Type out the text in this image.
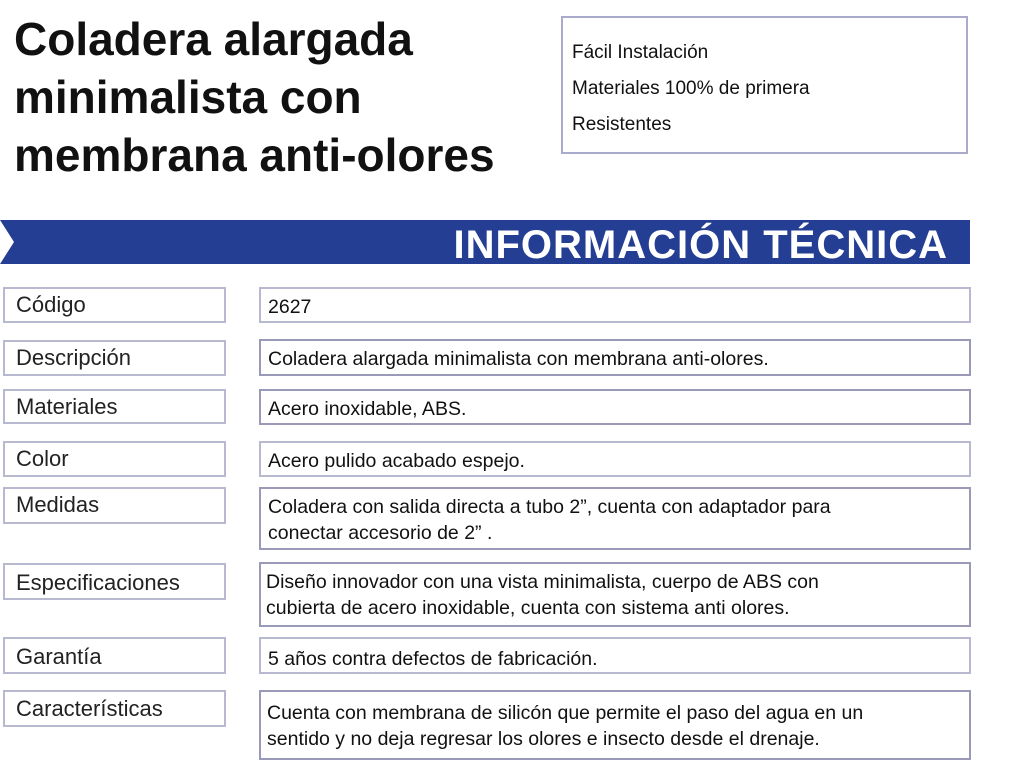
Coladera alargada
minimalista con
membrana anti-olores
Fácil Instalación
Materiales 100% de primera
Resistentes
INFORMACIÓN TÉCNICA
Código	2627
Descripción	Coladera alargada minimalista con membrana anti-olores.
Materiales	Acero inoxidable, ABS.
Color	Acero pulido acabado espejo.
Medidas	Coladera con salida directa a tubo 2”, cuenta con adaptador para
conectar accesorio de 2” .
Especificaciones	Diseño innovador con una vista minimalista, cuerpo de ABS con
cubierta de acero inoxidable, cuenta con sistema anti olores.
Garantía	5 años contra defectos de fabricación.
Características	Cuenta con membrana de silicón que permite el paso del agua en un
sentido y no deja regresar los olores e insecto desde el drenaje.
